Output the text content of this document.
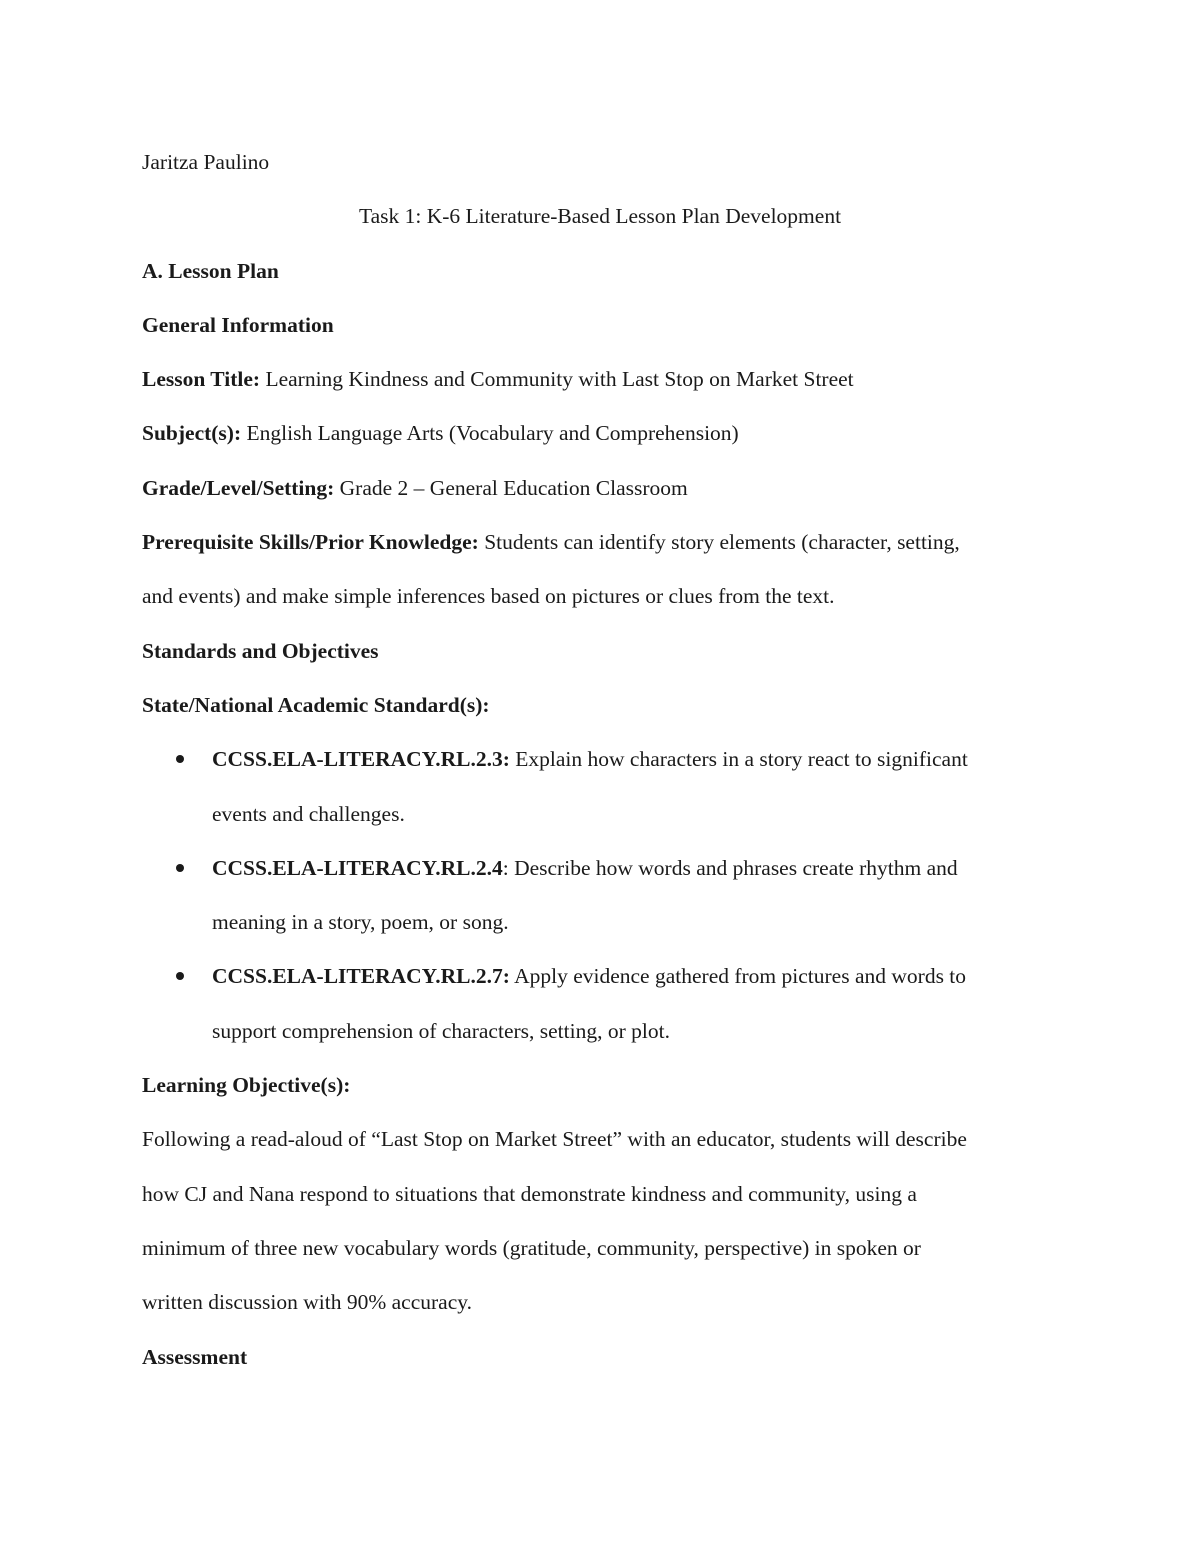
Jaritza Paulino

Task 1: K-6 Literature-Based Lesson Plan Development

A. Lesson Plan

General Information

Lesson Title: Learning Kindness and Community with Last Stop on Market Street

Subject(s): English Language Arts (Vocabulary and Comprehension)

Grade/Level/Setting: Grade 2 – General Education Classroom

Prerequisite Skills/Prior Knowledge: Students can identify story elements (character, setting,

and events) and make simple inferences based on pictures or clues from the text.

Standards and Objectives

State/National Academic Standard(s):

CCSS.ELA-LITERACY.RL.2.3: Explain how characters in a story react to significant

events and challenges.

CCSS.ELA-LITERACY.RL.2.4: Describe how words and phrases create rhythm and

meaning in a story, poem, or song.

CCSS.ELA-LITERACY.RL.2.7: Apply evidence gathered from pictures and words to

support comprehension of characters, setting, or plot.

Learning Objective(s):

Following a read-aloud of “Last Stop on Market Street” with an educator, students will describe

how CJ and Nana respond to situations that demonstrate kindness and community, using a

minimum of three new vocabulary words (gratitude, community, perspective) in spoken or

written discussion with 90% accuracy.

Assessment
